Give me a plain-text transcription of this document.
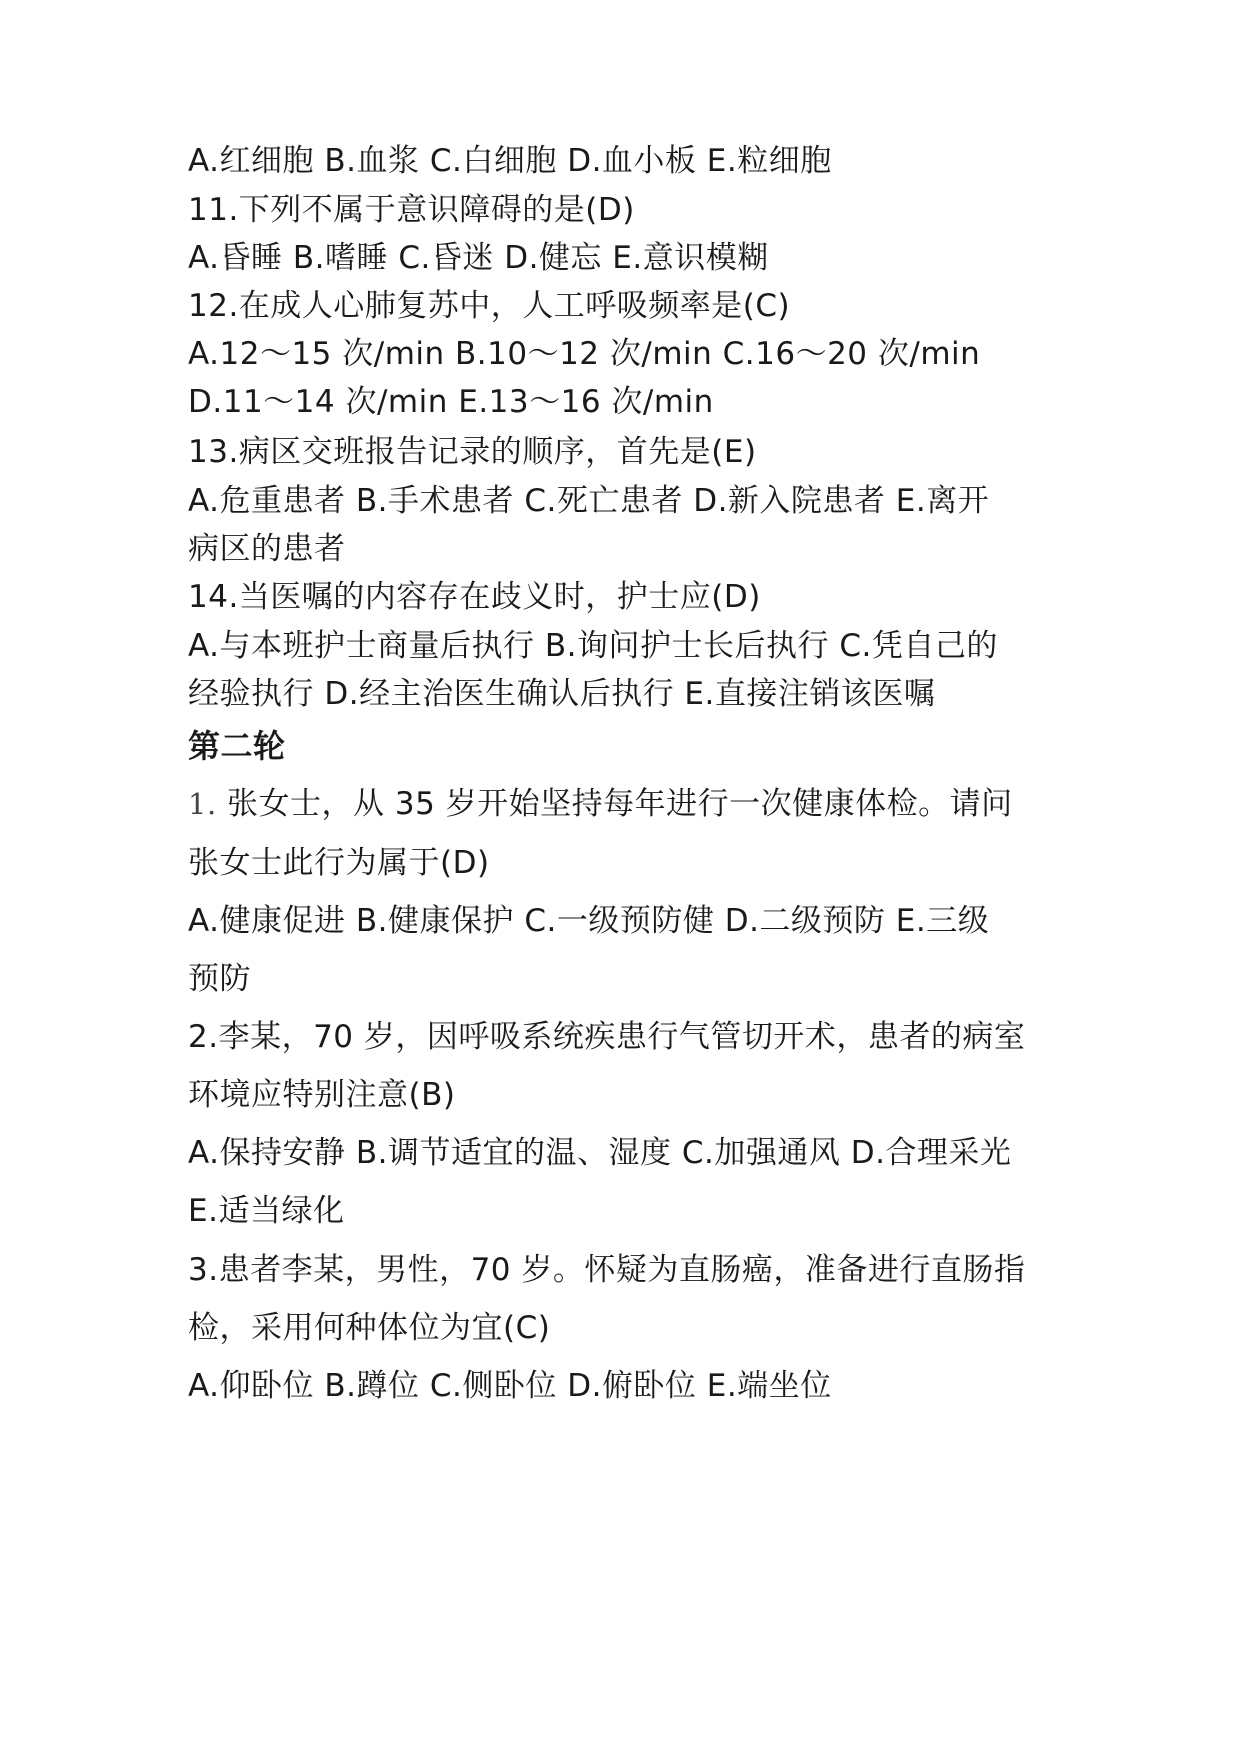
A.红细胞 B.血浆 C.白细胞 D.血小板 E.粒细胞
11.下列不属于意识障碍的是(D)
A.昏睡 B.嗜睡 C.昏迷 D.健忘 E.意识模糊
12.在成人心肺复苏中，人工呼吸频率是(C)
A.12～15 次/min B.10～12 次/min C.16～20 次/min
D.11～14 次/min E.13～16 次/min
13.病区交班报告记录的顺序，首先是(E)
A.危重患者 B.手术患者 C.死亡患者 D.新入院患者 E.离开
病区的患者
14.当医嘱的内容存在歧义时，护士应(D)
A.与本班护士商量后执行 B.询问护士长后执行 C.凭自己的
经验执行 D.经主治医生确认后执行 E.直接注销该医嘱
第二轮
1. 张女士，从 35 岁开始坚持每年进行一次健康体检。请问
张女士此行为属于(D)
A.健康促进 B.健康保护 C.一级预防健 D.二级预防 E.三级
预防
2.李某，70 岁，因呼吸系统疾患行气管切开术，患者的病室
环境应特别注意(B)
A.保持安静 B.调节适宜的温、湿度 C.加强通风 D.合理采光
E.适当绿化
3.患者李某，男性，70 岁。怀疑为直肠癌，准备进行直肠指
检，采用何种体位为宜(C)
A.仰卧位 B.蹲位 C.侧卧位 D.俯卧位 E.端坐位
